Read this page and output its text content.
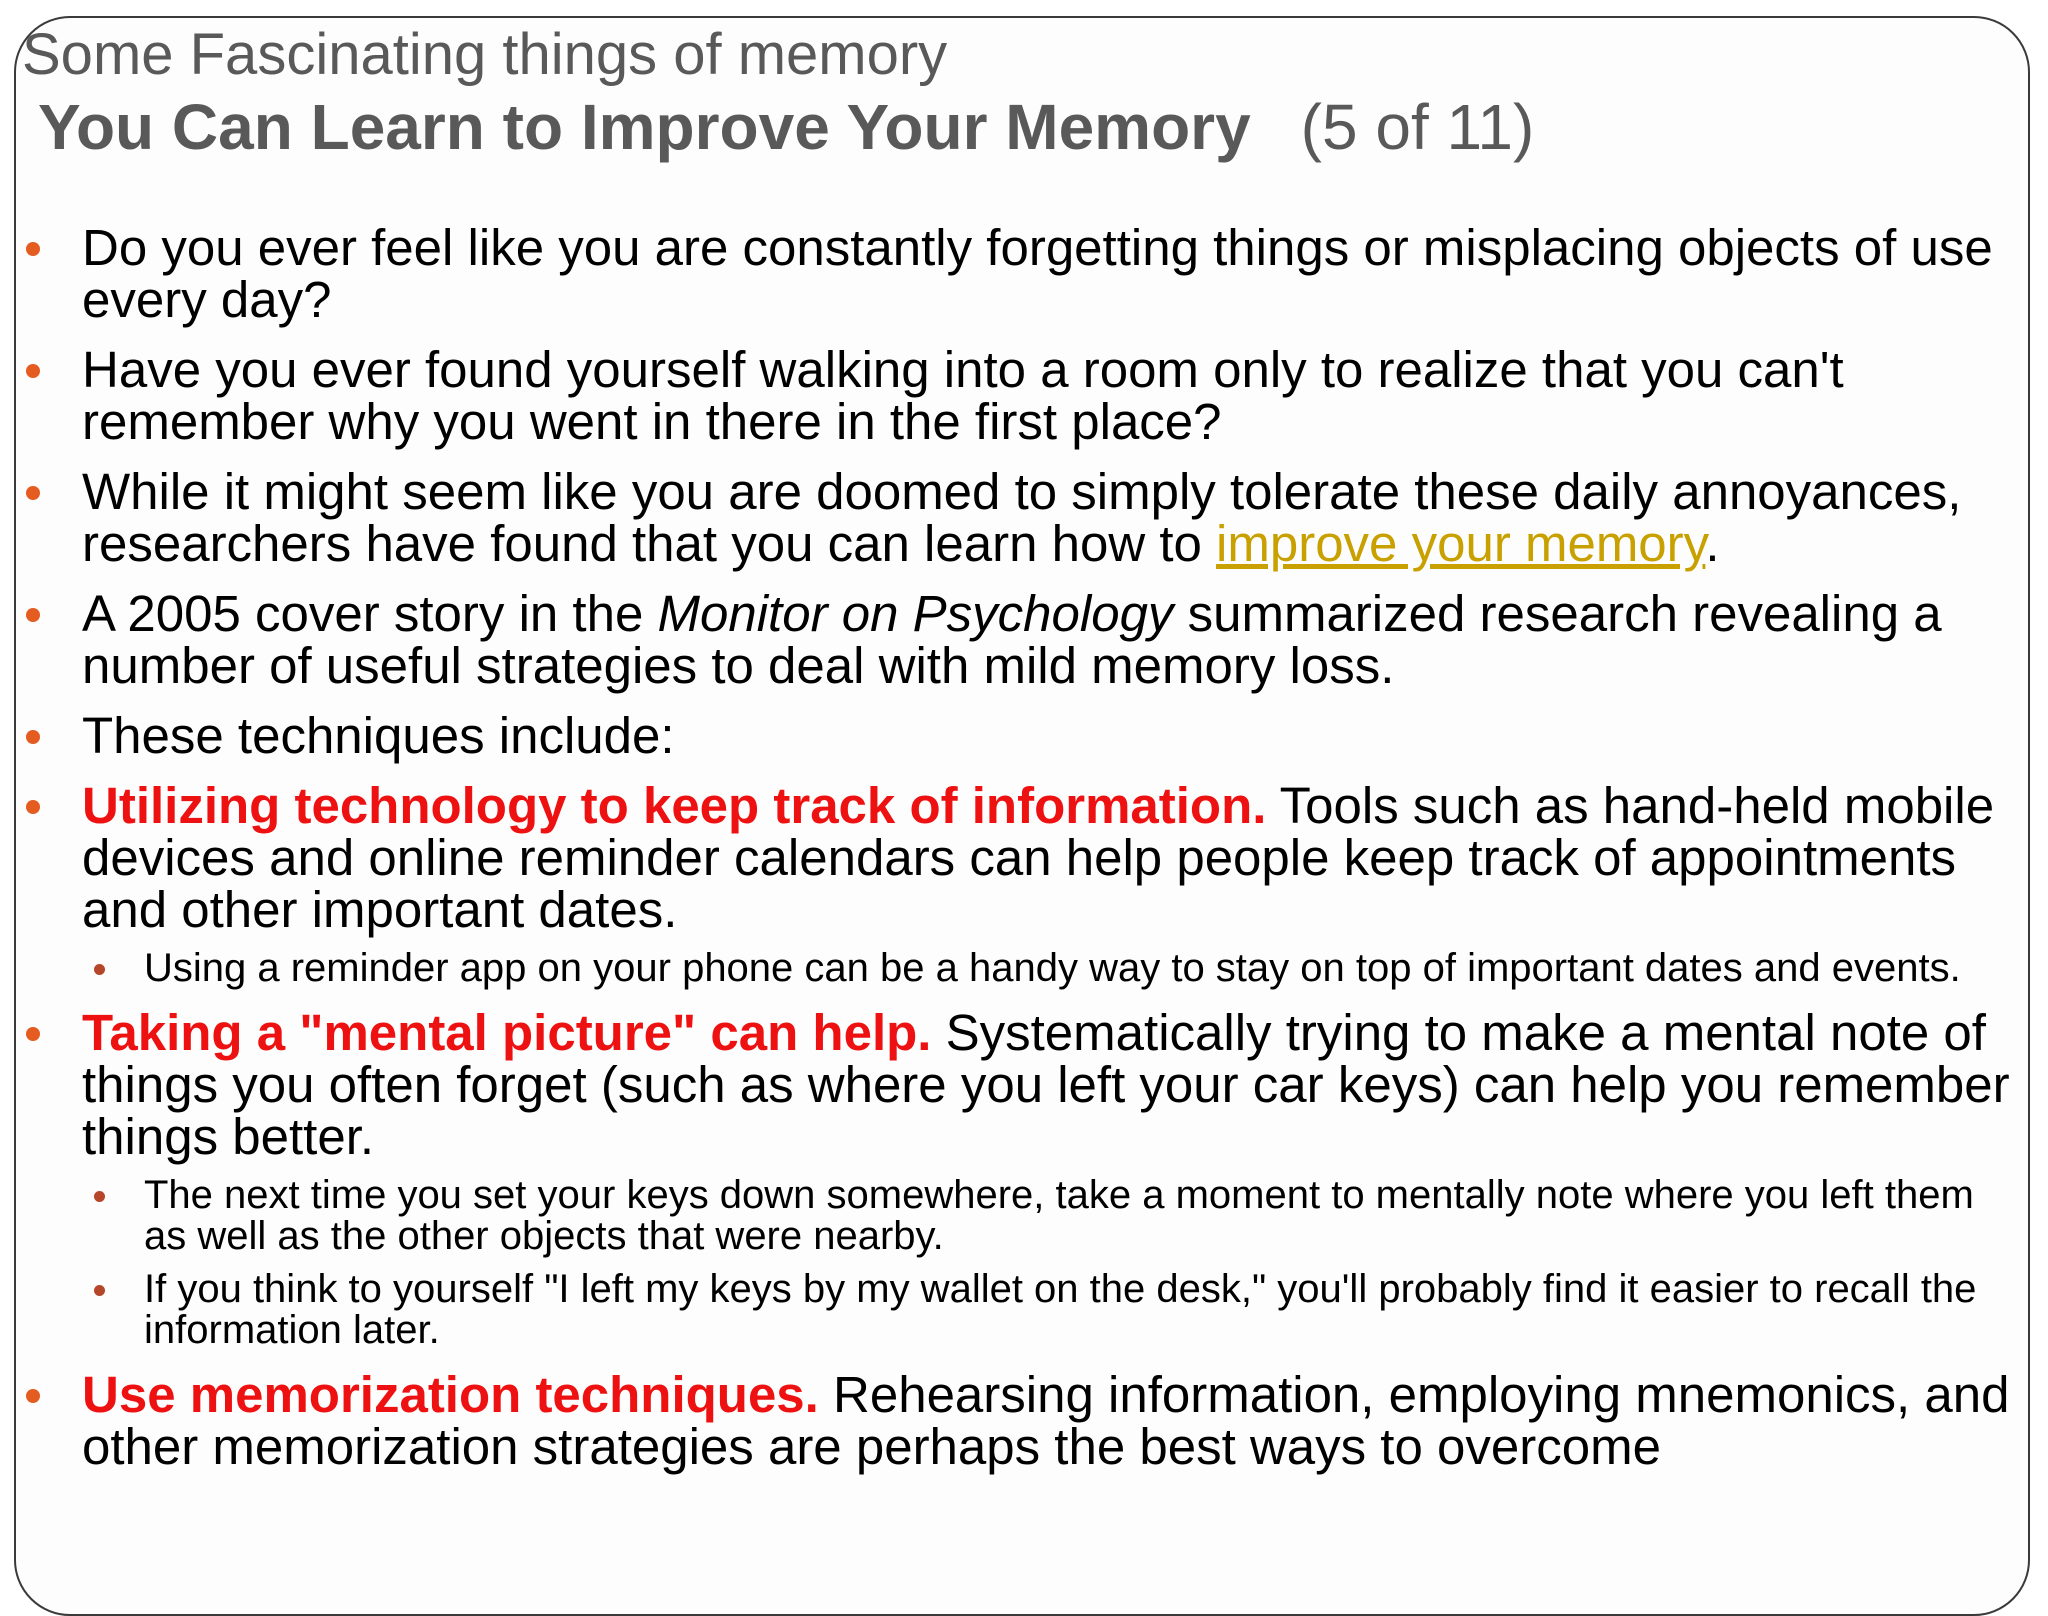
Some Fascinating things of memory
You Can Learn to Improve Your Memory (5 of 11)
Do you ever feel like you are constantly forgetting things or misplacing objects of use every day?
Have you ever found yourself walking into a room only to realize that you can't remember why you went in there in the first place?
While it might seem like you are doomed to simply tolerate these daily annoyances, researchers have found that you can learn how to improve your memory.
A 2005 cover story in the Monitor on Psychology summarized research revealing a number of useful strategies to deal with mild memory loss.
These techniques include:
Utilizing technology to keep track of information. Tools such as hand-held mobile devices and online reminder calendars can help people keep track of appointments and other important dates.
Using a reminder app on your phone can be a handy way to stay on top of important dates and events.
Taking a "mental picture" can help. Systematically trying to make a mental note of things you often forget (such as where you left your car keys) can help you remember things better.
The next time you set your keys down somewhere, take a moment to mentally note where you left them as well as the other objects that were nearby.
If you think to yourself "I left my keys by my wallet on the desk," you'll probably find it easier to recall the information later.
Use memorization techniques. Rehearsing information, employing mnemonics, and other memorization strategies are perhaps the best ways to overcome
